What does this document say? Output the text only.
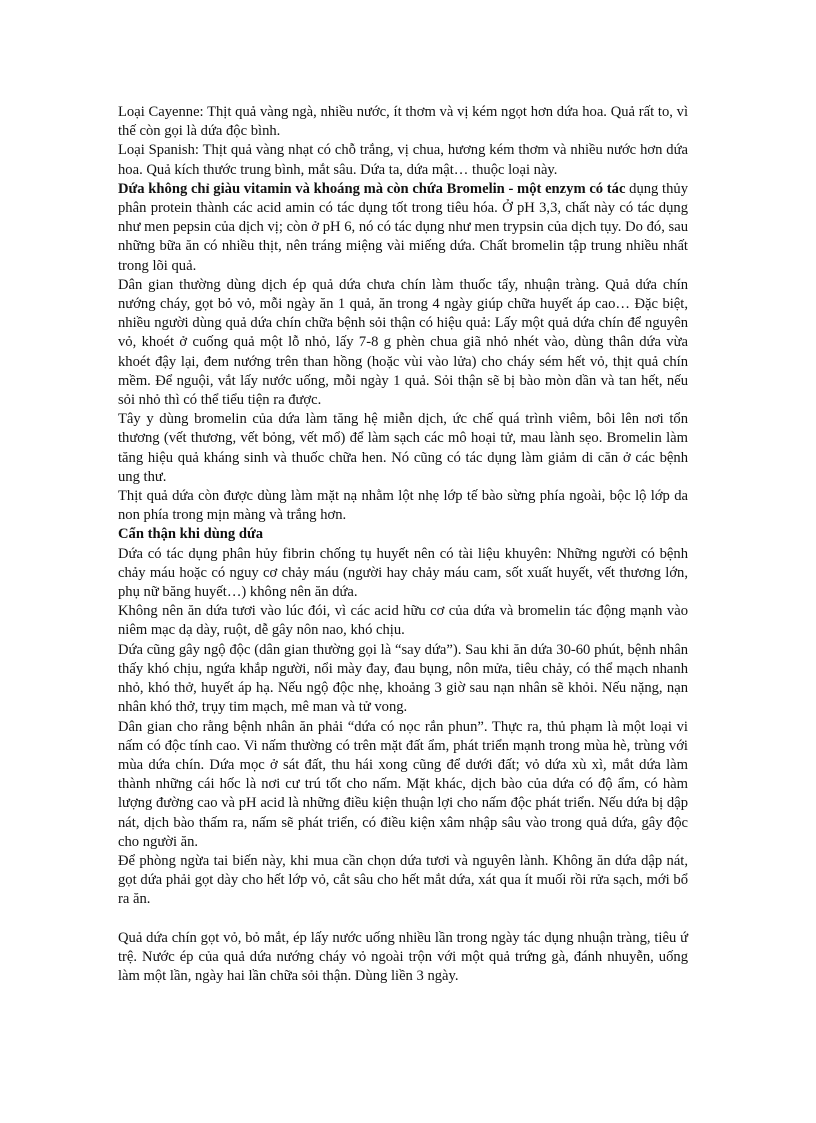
Loại Cayenne: Thịt quả vàng ngà, nhiều nước, ít thơm và vị kém ngọt hơn dứa hoa. Quả rất to, vì thế còn gọi là dứa độc bình.

Loại Spanish: Thịt quả vàng nhạt có chỗ trắng, vị chua, hương kém thơm và nhiều nước hơn dứa hoa. Quả kích thước trung bình, mắt sâu. Dứa ta, dứa mật… thuộc loại này.

Dứa không chỉ giàu vitamin và khoáng mà còn chứa Bromelin - một enzym có tác dụng thủy phân protein thành các acid amin có tác dụng tốt trong tiêu hóa. Ở pH 3,3, chất này có tác dụng như men pepsin của dịch vị; còn ở pH 6, nó có tác dụng như men trypsin của dịch tụy. Do đó, sau những bữa ăn có nhiều thịt, nên tráng miệng vài miếng dứa. Chất bromelin tập trung nhiều nhất trong lõi quả.

Dân gian thường dùng dịch ép quả dứa chưa chín làm thuốc tẩy, nhuận tràng. Quả dứa chín nướng cháy, gọt bỏ vỏ, mỗi ngày ăn 1 quả, ăn trong 4 ngày giúp chữa huyết áp cao… Đặc biệt, nhiều người dùng quả dứa chín chữa bệnh sỏi thận có hiệu quả: Lấy một quả dứa chín để nguyên vỏ, khoét ở cuống quả một lỗ nhỏ, lấy 7-8 g phèn chua giã nhỏ nhét vào, dùng thân dứa vừa khoét đậy lại, đem nướng trên than hồng (hoặc vùi vào lửa) cho cháy sém hết vỏ, thịt quả chín mềm. Để nguội, vắt lấy nước uống, mỗi ngày 1 quả. Sỏi thận sẽ bị bào mòn dần và tan hết, nếu sỏi nhỏ thì có thể tiểu tiện ra được.

Tây y dùng bromelin của dứa làm tăng hệ miễn dịch, ức chế quá trình viêm, bôi lên nơi tổn thương (vết thương, vết bỏng, vết mổ) để làm sạch các mô hoại tử, mau lành sẹo. Bromelin làm tăng hiệu quả kháng sinh và thuốc chữa hen. Nó cũng có tác dụng làm giảm di căn ở các bệnh ung thư.

Thịt quả dứa còn được dùng làm mặt nạ nhằm lột nhẹ lớp tế bào sừng phía ngoài, bộc lộ lớp da non phía trong mịn màng và trắng hơn.

Cẩn thận khi dùng dứa

Dứa có tác dụng phân hủy fibrin chống tụ huyết nên có tài liệu khuyên: Những người có bệnh chảy máu hoặc có nguy cơ chảy máu (người hay chảy máu cam, sốt xuất huyết, vết thương lớn, phụ nữ băng huyết…) không nên ăn dứa.

Không nên ăn dứa tươi vào lúc đói, vì các acid hữu cơ của dứa và bromelin tác động mạnh vào niêm mạc dạ dày, ruột, dễ gây nôn nao, khó chịu.

Dứa cũng gây ngộ độc (dân gian thường gọi là “say dứa”). Sau khi ăn dứa 30-60 phút, bệnh nhân thấy khó chịu, ngứa khắp người, nổi mày đay, đau bụng, nôn mửa, tiêu chảy, có thể mạch nhanh nhỏ, khó thở, huyết áp hạ. Nếu ngộ độc nhẹ, khoảng 3 giờ sau nạn nhân sẽ khỏi. Nếu nặng, nạn nhân khó thở, trụy tim mạch, mê man và tử vong.

Dân gian cho rằng bệnh nhân ăn phải “dứa có nọc rắn phun”. Thực ra, thủ phạm là một loại vi nấm có độc tính cao. Vi nấm thường có trên mặt đất ẩm, phát triển mạnh trong mùa hè, trùng với mùa dứa chín. Dứa mọc ở sát đất, thu hái xong cũng để dưới đất; vỏ dứa xù xì, mắt dứa làm thành những cái hốc là nơi cư trú tốt cho nấm. Mặt khác, dịch bào của dứa có độ ẩm, có hàm lượng đường cao và pH acid là những điều kiện thuận lợi cho nấm độc phát triển. Nếu dứa bị dập nát, dịch bào thấm ra, nấm sẽ phát triển, có điều kiện xâm nhập sâu vào trong quả dứa, gây độc cho người ăn.

Để phòng ngừa tai biến này, khi mua cần chọn dứa tươi và nguyên lành. Không ăn dứa dập nát, gọt dứa phải gọt dày cho hết lớp vỏ, cắt sâu cho hết mắt dứa, xát qua ít muối rồi rửa sạch, mới bổ ra ăn.

Quả dứa chín gọt vỏ, bỏ mắt, ép lấy nước uống nhiều lần trong ngày tác dụng nhuận tràng, tiêu ứ trệ. Nước ép của quả dứa nướng cháy vỏ ngoài trộn với một quả trứng gà, đánh nhuyễn, uống làm một lần, ngày hai lần chữa sỏi thận. Dùng liền 3 ngày.
